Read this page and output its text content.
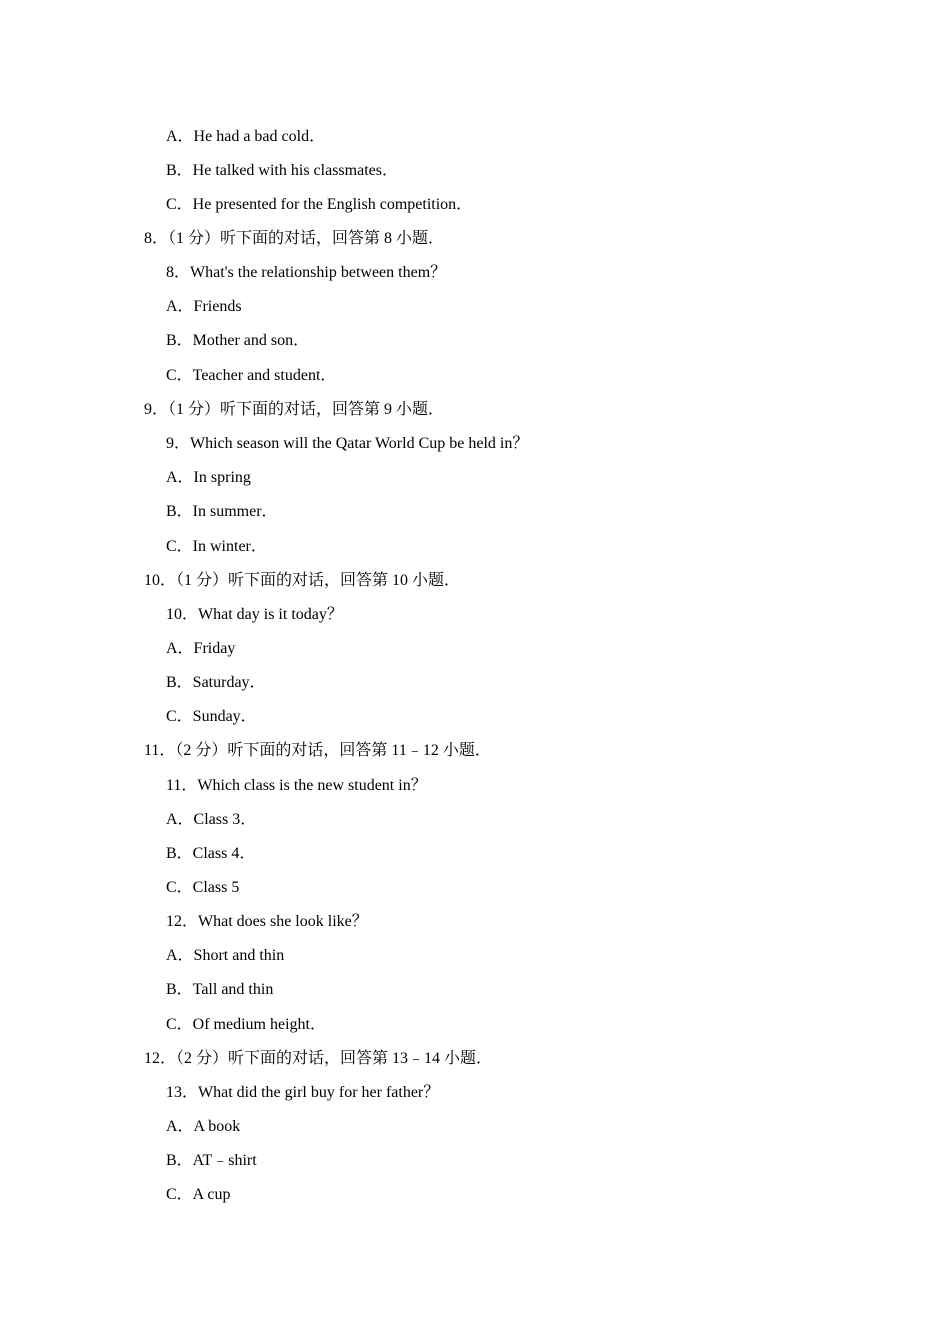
A．He had a bad cold．
B．He talked with his classmates．
C．He presented for the English competition．
8．（1 分）听下面的对话，回答第 8 小题．
8．What's the relationship between them？
A．Friends
B．Mother and son．
C．Teacher and student．
9．（1 分）听下面的对话，回答第 9 小题．
9．Which season will the Qatar World Cup be held in？
A．In spring
B．In summer．
C．In winter．
10．（1 分）听下面的对话，回答第 10 小题．
10．What day is it today？
A．Friday
B．Saturday．
C．Sunday．
11．（2 分）听下面的对话，回答第 11﹣12 小题．
11．Which class is the new student in？
A．Class 3．
B．Class 4．
C．Class 5
12．What does she look like？
A．Short and thin
B．Tall and thin
C．Of medium height．
12．（2 分）听下面的对话，回答第 13﹣14 小题．
13．What did the girl buy for her father？
A．A book
B．AT﹣shirt
C．A cup
